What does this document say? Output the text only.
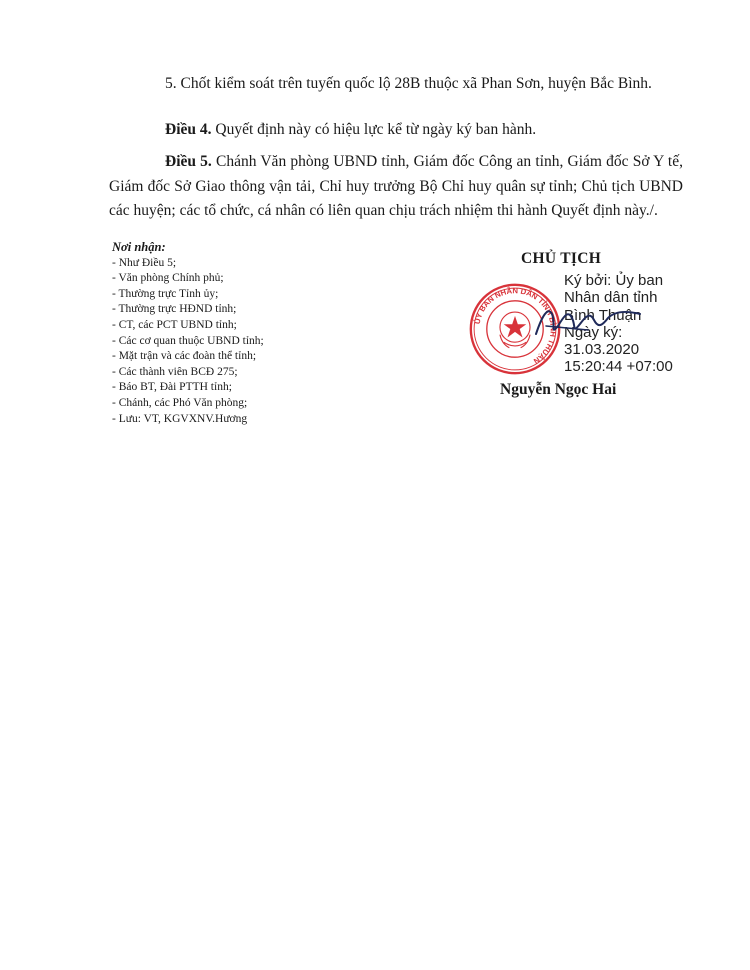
5. Chốt kiểm soát trên tuyến quốc lộ 28B thuộc xã Phan Sơn, huyện Bắc Bình.

Điều 4. Quyết định này có hiệu lực kể từ ngày ký ban hành.

Điều 5. Chánh Văn phòng UBND tỉnh, Giám đốc Công an tỉnh, Giám đốc Sở Y tế, Giám đốc Sở Giao thông vận tải, Chỉ huy trưởng Bộ Chỉ huy quân sự tỉnh; Chủ tịch UBND các huyện; các tổ chức, cá nhân có liên quan chịu trách nhiệm thi hành Quyết định này./.

Nơi nhận:
- Như Điều 5;
- Văn phòng Chính phủ;
- Thường trực Tỉnh ủy;
- Thường trực HĐND tỉnh;
- CT, các PCT UBND tỉnh;
- Các cơ quan thuộc UBND tỉnh;
- Mặt trận và các đoàn thể tỉnh;
- Các thành viên BCĐ 275;
- Báo BT, Đài PTTH tỉnh;
- Chánh, các Phó Văn phòng;
- Lưu: VT, KGVXNV.Hương
CHỦ TỊCH
ỦY BAN NHÂN DÂN TỈNH BÌNH THUẬN
Ký bởi: Ủy ban
Nhân dân tỉnh
Bình Thuận
Ngày ký:
31.03.2020
15:20:44 +07:00
Nguyễn Ngọc Hai
